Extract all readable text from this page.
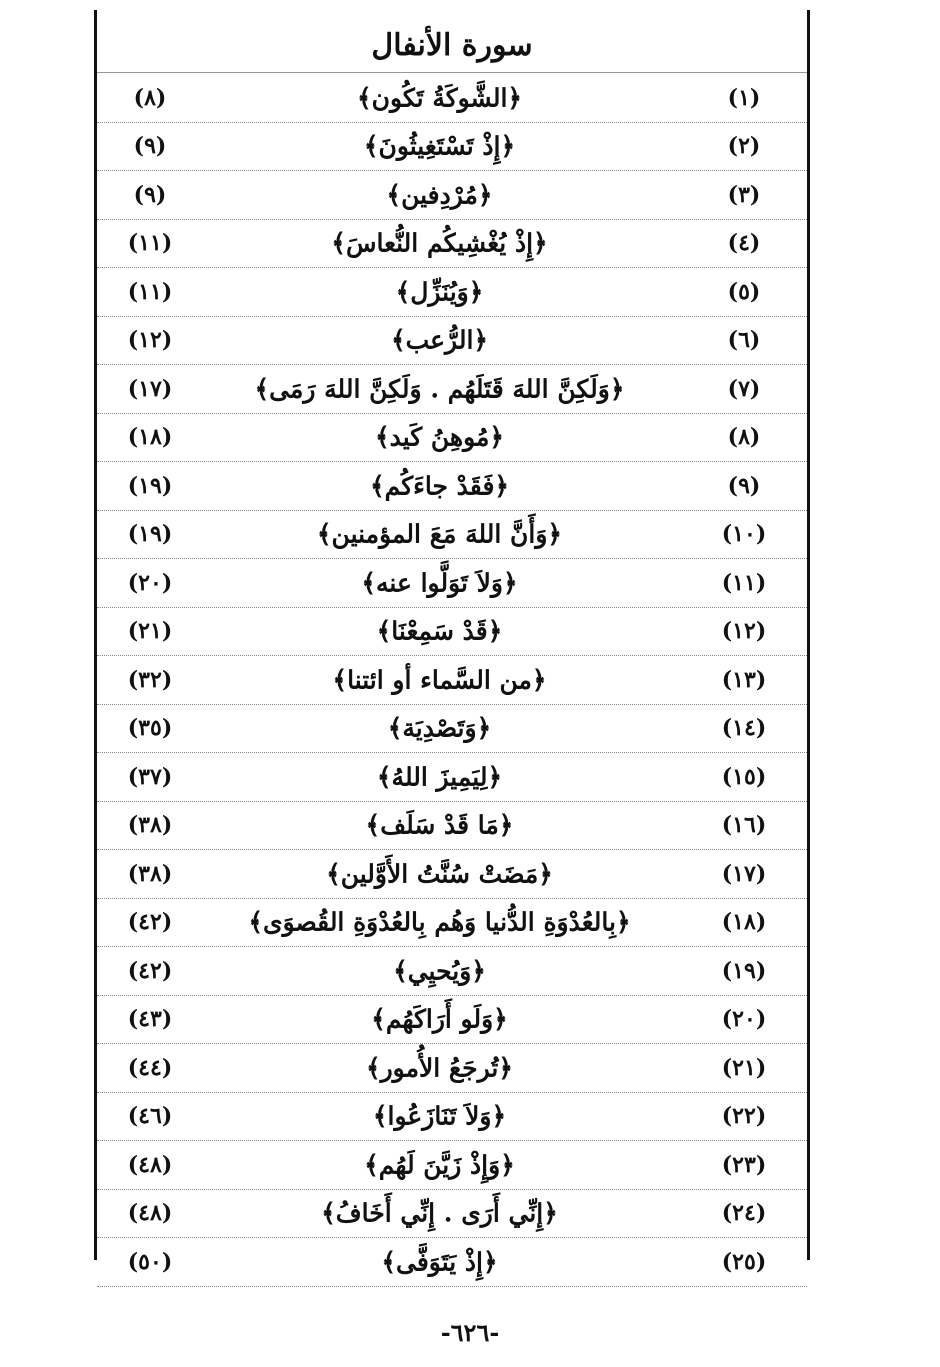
سورة الأنفال
(١)
﴿الشَّوكَةُ تَكُون﴾
(٨)
(٢)
﴿إِذْ تَسْتَغِيثُونَ﴾
(٩)
(٣)
﴿مُرْدِفين﴾
(٩)
(٤)
﴿إِذْ يُغْشِيكُم النُّعاسَ﴾
(١١)
(٥)
﴿وَيُنَزِّل﴾
(١١)
(٦)
﴿الرُّعب﴾
(١٢)
(٧)
﴿وَلَكِنَّ اللهَ قَتَلَهُم . وَلَكِنَّ اللهَ رَمَى﴾
(١٧)
(٨)
﴿مُوهِنُ كَيد﴾
(١٨)
(٩)
﴿فَقَدْ جاءَكُم﴾
(١٩)
(١٠)
﴿وَأَنَّ اللهَ مَعَ المؤمنين﴾
(١٩)
(١١)
﴿وَلاَ تَوَلَّوا عنه﴾
(٢٠)
(١٢)
﴿قَدْ سَمِعْنَا﴾
(٢١)
(١٣)
﴿من السَّماء أو ائتنا﴾
(٣٢)
(١٤)
﴿وَتَصْدِيَة﴾
(٣٥)
(١٥)
﴿لِيَمِيزَ اللهُ﴾
(٣٧)
(١٦)
﴿مَا قَدْ سَلَف﴾
(٣٨)
(١٧)
﴿مَضَتْ سُنَّتُ الأَوَّلين﴾
(٣٨)
(١٨)
﴿بِالعُدْوَةِ الدُّنيا وَهُم بِالعُدْوَةِ القُصوَى﴾
(٤٢)
(١٩)
﴿وَيُحيِي﴾
(٤٢)
(٢٠)
﴿وَلَو أَرَاكَهُم﴾
(٤٣)
(٢١)
﴿تُرجَعُ الأُمور﴾
(٤٤)
(٢٢)
﴿وَلاَ تَنَازَعُوا﴾
(٤٦)
(٢٣)
﴿وَإِذْ زَيَّنَ لَهُم﴾
(٤٨)
(٢٤)
﴿إِنِّي أَرَى . إِنِّي أَخَافُ﴾
(٤٨)
(٢٥)
﴿إِذْ يَتَوَفَّى﴾
(٥٠)
-٦٢٦-
